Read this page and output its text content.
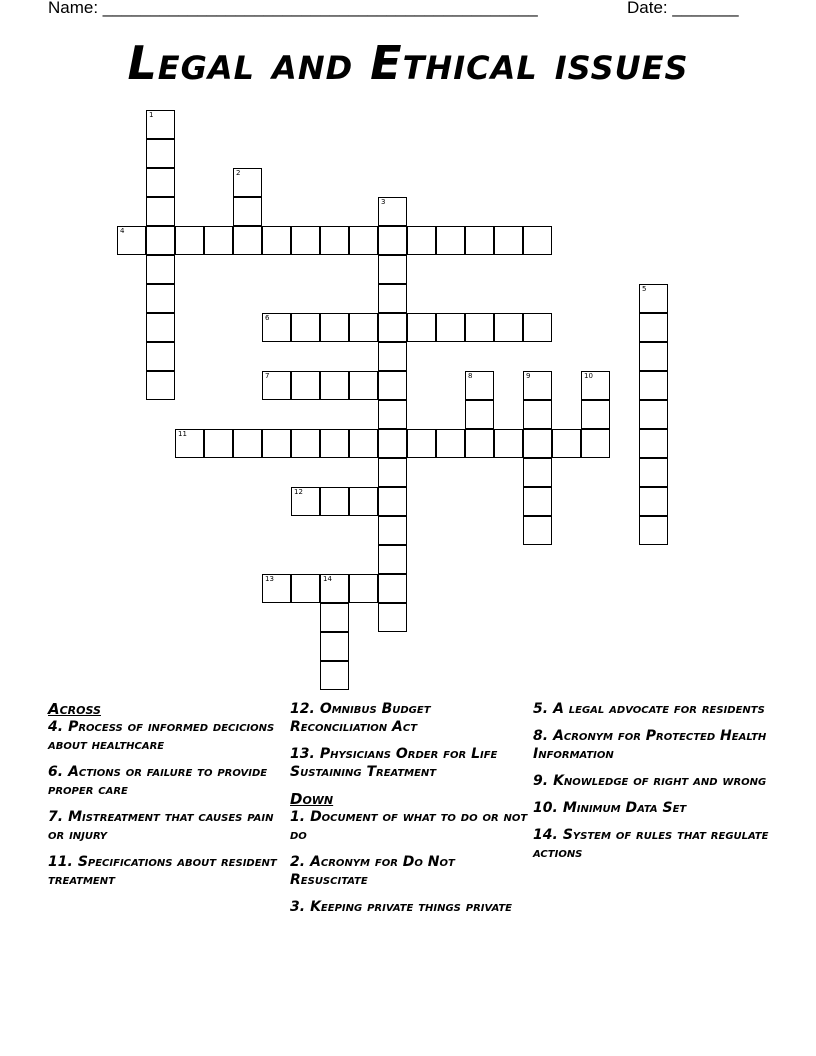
Name: ______________________________________________	Date: _______
Legal and Ethical issues
1
2
3
4
5
6
7	8	9	10
11
12
13	14
Across
4. Process of informed decicions about healthcare
6. Actions or failure to provide proper care
7. Mistreatment that causes pain or injury
11. Specifications about resident treatment
12. Omnibus Budget Reconciliation Act
13. Physicians Order for Life Sustaining Treatment
Down
1. Document of what to do or not do
2. Acronym for Do Not Resuscitate
3. Keeping private things private
5. A legal advocate for residents
8. Acronym for Protected Health Information
9. Knowledge of right and wrong
10. Minimum Data Set
14. System of rules that regulate actions
